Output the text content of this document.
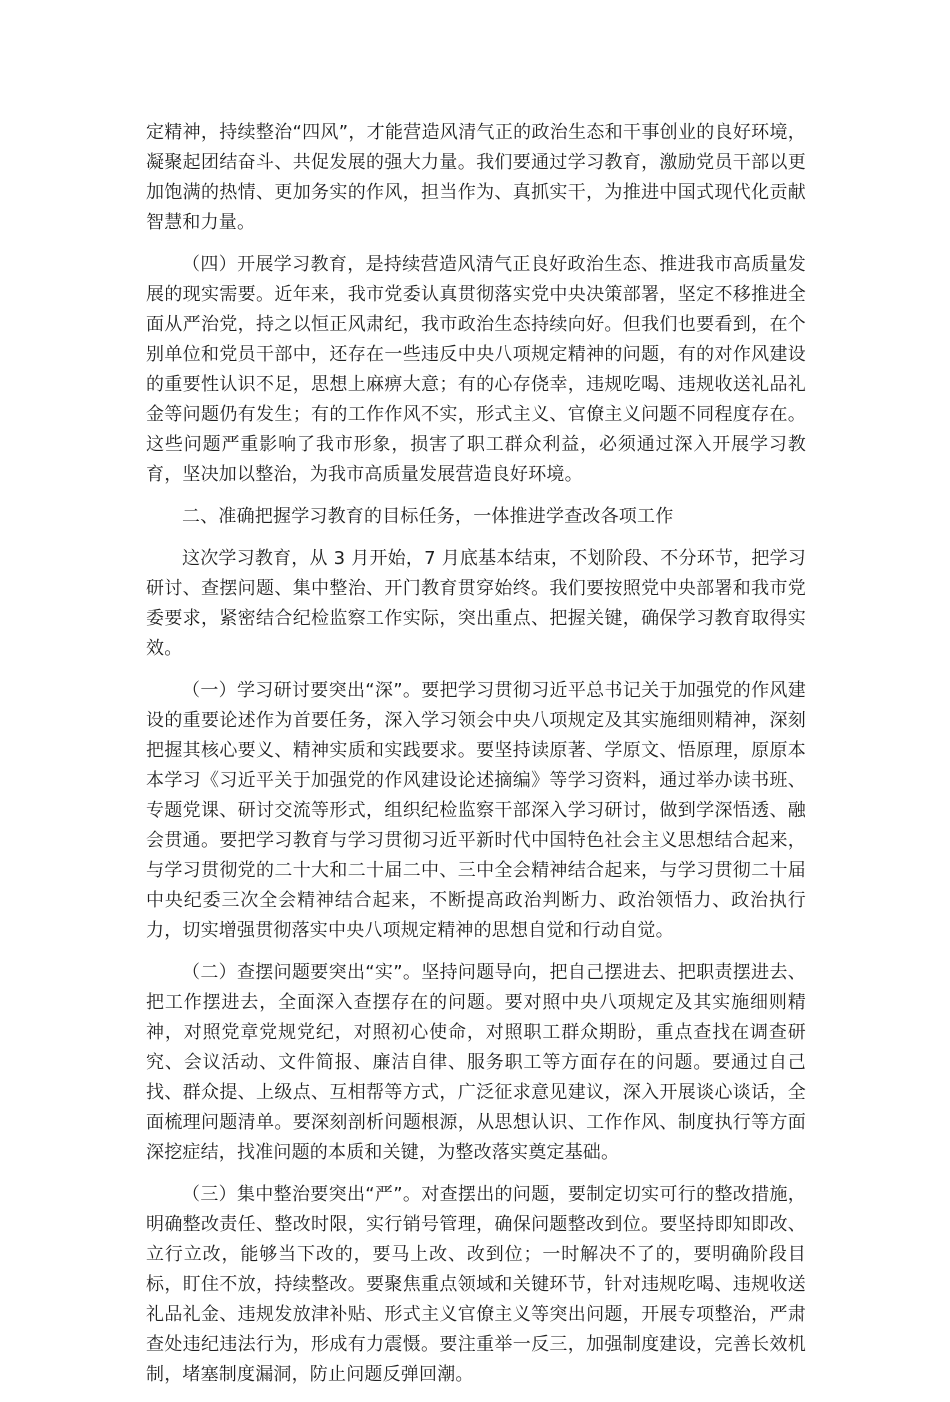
定精神，持续整治“四风”，才能营造风清气正的政治生态和干事创业的良好环境，凝聚起团结奋斗、共促发展的强大力量。我们要通过学习教育，激励党员干部以更加饱满的热情、更加务实的作风，担当作为、真抓实干，为推进中国式现代化贡献智慧和力量。

（四）开展学习教育，是持续营造风清气正良好政治生态、推进我市高质量发展的现实需要。近年来，我市党委认真贯彻落实党中央决策部署，坚定不移推进全面从严治党，持之以恒正风肃纪，我市政治生态持续向好。但我们也要看到，在个别单位和党员干部中，还存在一些违反中央八项规定精神的问题，有的对作风建设的重要性认识不足，思想上麻痹大意；有的心存侥幸，违规吃喝、违规收送礼品礼金等问题仍有发生；有的工作作风不实，形式主义、官僚主义问题不同程度存在。这些问题严重影响了我市形象，损害了职工群众利益，必须通过深入开展学习教育，坚决加以整治，为我市高质量发展营造良好环境。

二、准确把握学习教育的目标任务，一体推进学查改各项工作

这次学习教育，从 3 月开始，7 月底基本结束，不划阶段、不分环节，把学习研讨、查摆问题、集中整治、开门教育贯穿始终。我们要按照党中央部署和我市党委要求，紧密结合纪检监察工作实际，突出重点、把握关键，确保学习教育取得实效。

（一）学习研讨要突出“深”。要把学习贯彻习近平总书记关于加强党的作风建设的重要论述作为首要任务，深入学习领会中央八项规定及其实施细则精神，深刻把握其核心要义、精神实质和实践要求。要坚持读原著、学原文、悟原理，原原本本学习《习近平关于加强党的作风建设论述摘编》等学习资料，通过举办读书班、专题党课、研讨交流等形式，组织纪检监察干部深入学习研讨，做到学深悟透、融会贯通。要把学习教育与学习贯彻习近平新时代中国特色社会主义思想结合起来，与学习贯彻党的二十大和二十届二中、三中全会精神结合起来，与学习贯彻二十届中央纪委三次全会精神结合起来，不断提高政治判断力、政治领悟力、政治执行力，切实增强贯彻落实中央八项规定精神的思想自觉和行动自觉。

（二）查摆问题要突出“实”。坚持问题导向，把自己摆进去、把职责摆进去、把工作摆进去，全面深入查摆存在的问题。要对照中央八项规定及其实施细则精神，对照党章党规党纪，对照初心使命，对照职工群众期盼，重点查找在调查研究、会议活动、文件简报、廉洁自律、服务职工等方面存在的问题。要通过自己找、群众提、上级点、互相帮等方式，广泛征求意见建议，深入开展谈心谈话，全面梳理问题清单。要深刻剖析问题根源，从思想认识、工作作风、制度执行等方面深挖症结，找准问题的本质和关键，为整改落实奠定基础。

（三）集中整治要突出“严”。对查摆出的问题，要制定切实可行的整改措施，明确整改责任、整改时限，实行销号管理，确保问题整改到位。要坚持即知即改、立行立改，能够当下改的，要马上改、改到位；一时解决不了的，要明确阶段目标，盯住不放，持续整改。要聚焦重点领域和关键环节，针对违规吃喝、违规收送礼品礼金、违规发放津补贴、形式主义官僚主义等突出问题，开展专项整治，严肃查处违纪违法行为，形成有力震慑。要注重举一反三，加强制度建设，完善长效机制，堵塞制度漏洞，防止问题反弹回潮。
